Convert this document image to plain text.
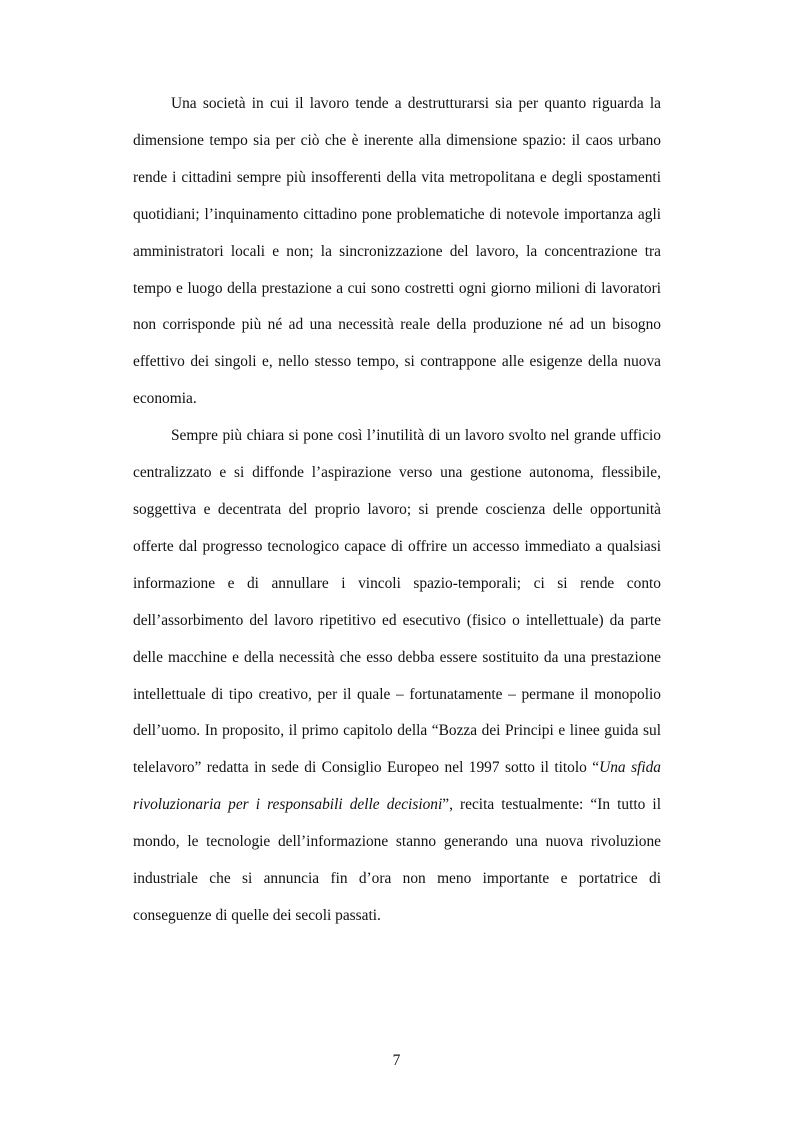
Una società in cui il lavoro tende a destrutturarsi sia per quanto riguarda la dimensione tempo sia per ciò che è inerente alla dimensione spazio: il caos urbano rende i cittadini sempre più insofferenti della vita metropolitana e degli spostamenti quotidiani; l’inquinamento cittadino pone problematiche di notevole importanza agli amministratori locali e non; la sincronizzazione del lavoro, la concentrazione tra tempo e luogo della prestazione a cui sono costretti ogni giorno milioni di lavoratori non corrisponde più né ad una necessità reale della produzione né ad un bisogno effettivo dei singoli e, nello stesso tempo, si contrappone alle esigenze della nuova economia.

Sempre più chiara si pone così l’inutilità di un lavoro svolto nel grande ufficio centralizzato e si diffonde l’aspirazione verso una gestione autonoma, flessibile, soggettiva e decentrata del proprio lavoro; si prende coscienza delle opportunità offerte dal progresso tecnologico capace di offrire un accesso immediato a qualsiasi informazione e di annullare i vincoli spazio-temporali; ci si rende conto dell’assorbimento del lavoro ripetitivo ed esecutivo (fisico o intellettuale) da parte delle macchine e della necessità che esso debba essere sostituito da una prestazione intellettuale di tipo creativo, per il quale – fortunatamente – permane il monopolio dell’uomo. In proposito, il primo capitolo della “Bozza dei Principi e linee guida sul telelavoro” redatta in sede di Consiglio Europeo nel 1997 sotto il titolo “Una sfida rivoluzionaria per i responsabili delle decisioni”, recita testualmente: “In tutto il mondo, le tecnologie dell’informazione stanno generando una nuova rivoluzione industriale che si annuncia fin d’ora non meno importante e portatrice di conseguenze di quelle dei secoli passati.

7
